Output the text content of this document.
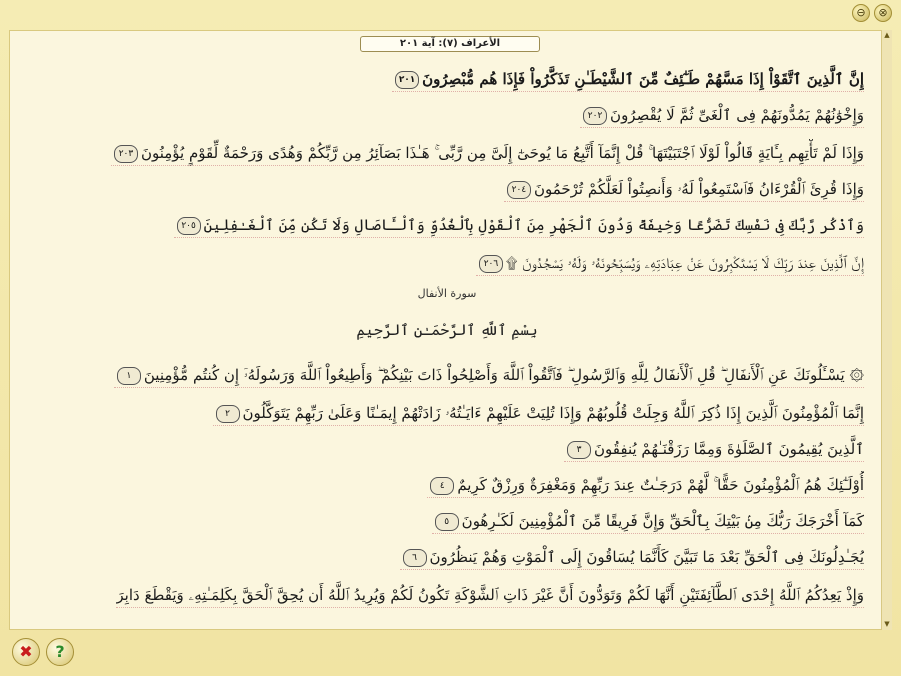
⊖	⊗
الأعراف (٧): آية ٢٠١
إِنَّ ٱلَّذِينَ ٱتَّقَوْاْ إِذَا مَسَّهُمْ طَـٰٓئِفٌ مِّنَ ٱلشَّيْطَـٰنِ تَذَكَّرُواْ فَإِذَا هُم مُّبْصِرُونَ٢٠١
وَإِخْوَٰنُهُمْ يَمُدُّونَهُمْ فِى ٱلْغَىِّ ثُمَّ لَا يُقْصِرُونَ٢٠٢
وَإِذَا لَمْ تَأْتِهِم بِـَٔايَةٍ قَالُواْ لَوْلَا ٱجْتَبَيْتَهَا ۚ قُلْ إِنَّمَآ أَتَّبِعُ مَا يُوحَىٰٓ إِلَىَّ مِن رَّبِّى ۚ هَـٰذَا بَصَآئِرُ مِن رَّبِّكُمْ وَهُدًى وَرَحْمَةٌ لِّقَوْمٍ يُؤْمِنُونَ٢٠٣
وَإِذَا قُرِئَ ٱلْقُرْءَانُ فَٱسْتَمِعُواْ لَهُۥ وَأَنصِتُواْ لَعَلَّكُمْ تُرْحَمُونَ٢٠٤
وَٱذْكُر رَّبَّكَ فِى نَفْسِكَ تَضَرُّعًا وَخِيفَةً وَدُونَ ٱلْجَهْرِ مِنَ ٱلْقَوْلِ بِٱلْغُدُوِّ وَٱلْـَٔاصَالِ وَلَا تَكُن مِّنَ ٱلْغَـٰفِلِينَ٢٠٥
إِنَّ ٱلَّذِينَ عِندَ رَبِّكَ لَا يَسْتَكْبِرُونَ عَنْ عِبَادَتِهِۦ وَيُسَبِّحُونَهُۥ وَلَهُۥ يَسْجُدُونَ ۩٢٠٦
سورة الأنفال
بِسْمِ ٱللَّهِ ٱلرَّحْمَـٰنِ ٱلرَّحِيمِ
۞ يَسْـَٔلُونَكَ عَنِ ٱلْأَنفَالِ ۖ قُلِ ٱلْأَنفَالُ لِلَّهِ وَٱلرَّسُولِ ۖ فَٱتَّقُواْ ٱللَّهَ وَأَصْلِحُواْ ذَاتَ بَيْنِكُمْ ۖ وَأَطِيعُواْ ٱللَّهَ وَرَسُولَهُۥٓ إِن كُنتُم مُّؤْمِنِينَ١
إِنَّمَا ٱلْمُؤْمِنُونَ ٱلَّذِينَ إِذَا ذُكِرَ ٱللَّهُ وَجِلَتْ قُلُوبُهُمْ وَإِذَا تُلِيَتْ عَلَيْهِمْ ءَايَـٰتُهُۥ زَادَتْهُمْ إِيمَـٰنًا وَعَلَىٰ رَبِّهِمْ يَتَوَكَّلُونَ٢
ٱلَّذِينَ يُقِيمُونَ ٱلصَّلَوٰةَ وَمِمَّا رَزَقْنَـٰهُمْ يُنفِقُونَ٣
أُوْلَـٰٓئِكَ هُمُ ٱلْمُؤْمِنُونَ حَقًّا ۚ لَّهُمْ دَرَجَـٰتٌ عِندَ رَبِّهِمْ وَمَغْفِرَةٌ وَرِزْقٌ كَرِيمٌ٤
كَمَآ أَخْرَجَكَ رَبُّكَ مِنۢ بَيْتِكَ بِٱلْحَقِّ وَإِنَّ فَرِيقًا مِّنَ ٱلْمُؤْمِنِينَ لَكَـٰرِهُونَ٥
يُجَـٰدِلُونَكَ فِى ٱلْحَقِّ بَعْدَ مَا تَبَيَّنَ كَأَنَّمَا يُسَاقُونَ إِلَى ٱلْمَوْتِ وَهُمْ يَنظُرُونَ٦
وَإِذْ يَعِدُكُمُ ٱللَّهُ إِحْدَى ٱلطَّآئِفَتَيْنِ أَنَّهَا لَكُمْ وَتَوَدُّونَ أَنَّ غَيْرَ ذَاتِ ٱلشَّوْكَةِ تَكُونُ لَكُمْ وَيُرِيدُ ٱللَّهُ أَن يُحِقَّ ٱلْحَقَّ بِكَلِمَـٰتِهِۦ وَيَقْطَعَ دَابِرَ
▲
▼
✖	?
